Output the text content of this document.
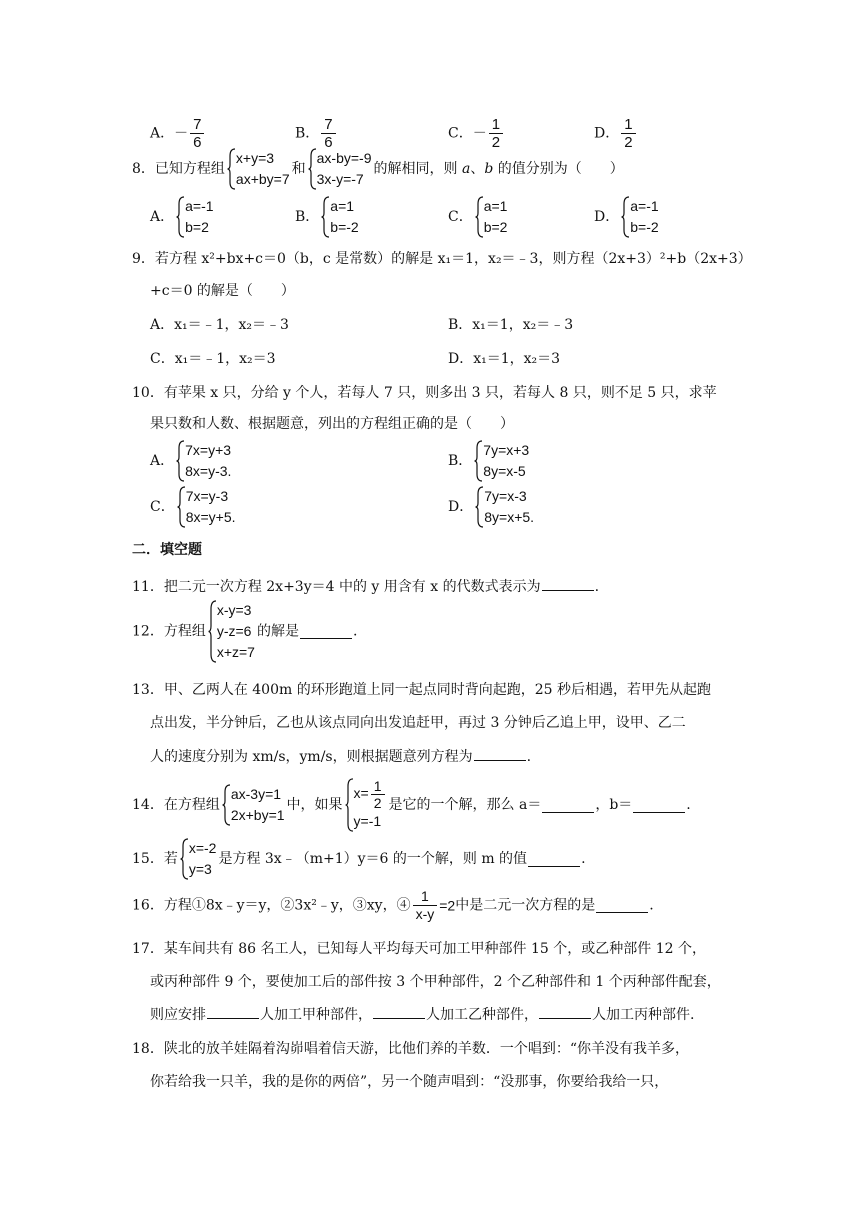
A．－ $\frac{7}{6}$	B． $\frac{7}{6}$	C．－ $\frac{1}{2}$	D． $\frac{1}{2}$
8．已知方程组
x+y=3
ax+by=7
和
ax-by=-9
3x-y=-7
的解相同，则 a、b 的值分别为（　　）
A．
a=-1
b=2
B．
a=1
b=-2
C．
a=1
b=2
D．
a=-1
b=-2
9．若方程 x²+bx+c＝0（b，c 是常数）的解是 x₁＝1，x₂＝﹣3，则方程（2x+3）²+b（2x+3）
+c＝0 的解是（　　）
A．x₁＝﹣1，x₂＝﹣3	B．x₁＝1，x₂＝﹣3
C．x₁＝﹣1，x₂＝3	D．x₁＝1，x₂＝3
10．有苹果 x 只，分给 y 个人，若每人 7 只，则多出 3 只，若每人 8 只，则不足 5 只，求苹
果只数和人数、根据题意，列出的方程组正确的是（　　）
A．
7x=y+3
8x=y-3.
B．
7y=x+3
8y=x-5
C．
7x=y-3
8x=y+5.
D．
7y=x-3
8y=x+5.
二．填空题
11．把二元一次方程 2x+3y＝4 中的 y 用含有 x 的代数式表示为	.
12．方程组
x-y=3
y-z=6
x+z=7
的解是	.
13．甲、乙两人在 400m 的环形跑道上同一起点同时背向起跑，25 秒后相遇，若甲先从起跑
点出发，半分钟后，乙也从该点同向出发追赶甲，再过 3 分钟后乙追上甲，设甲、乙二
人的速度分别为 xm/s，ym/s，则根据题意列方程为	.
14．在方程组
ax-3y=1
2x+by=1
中，如果
$x= \frac{1}{2}$
y=-1
是它的一个解，那么 a＝	，b＝	.
15．若
x=-2
y=3
是方程 3x﹣（m+1）y＝6 的一个解，则 m 的值	.
16．方程①8x﹣y＝y，②3x²﹣y，③xy，④ $\frac{1}{x-y} =2$中是二元一次方程的是	.
17．某车间共有 86 名工人，已知每人平均每天可加工甲种部件 15 个，或乙种部件 12 个，
或丙种部件 9 个，要使加工后的部件按 3 个甲种部件，2 个乙种部件和 1 个丙种部件配套，
则应安排	人加工甲种部件，	人加工乙种部件，	人加工丙种部件.
18．陕北的放羊娃隔着沟峁唱着信天游，比他们养的羊数．一个唱到：“你羊没有我羊多，
你若给我一只羊，我的是你的两倍”，另一个随声唱到：“没那事，你要给我给一只，
